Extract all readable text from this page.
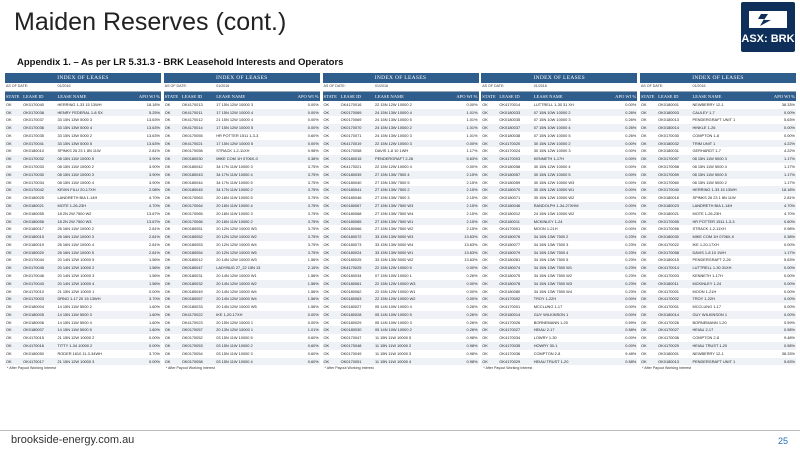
Maiden Reserves (cont.)
ASX: BRK
Appendix 1. – As per LR 5.31.3 - BRK Leasehold Interests and Operators
INDEX OF LEASES			
AS OF DATE:		01/2016	
STATE	LEASE ID	LEASE NAME	APO WI %
OK	OK0170040	HERRING 1-33 15 13WH	18.18%
OK	OK0170038	HENRY FEDERAL 1-8 SX	5.25%
OK	OK0170037	33 15N 13W 5000 3	13.63%
OK	OK0170036	33 15N 13W 5000 4	13.63%
OK	OK0170035	33 15N 13W 5000 2	13.63%
OK	OK0170041	33 15N 13W 5000 5	13.63%
OK	OK0180010	SPINKS 26 23 1 8N 11W	2.81%
OK	OK0170032	08 15N 11W 10000 5	3.90%
OK	OK0170033	08 15N 11W 10000 2	3.90%
OK	OK0170030	08 15N 11W 10000 3	3.90%
OK	OK0170034	08 15N 11W 10000 4	3.90%
OK	OK0170042	KEVIN FILLI 20-17XH	2.08%
OK	OK0180025	LANDRETH BIA 1-14H	4.70%
OK	OK0180021	MOTE 1-26-23H	4.70%
OK	OK0180055	18 2N 2W 7500 W2	13.67%
OK	OK0180056	18 2N 2W 7500 W3	13.67%
OK	OK0180017	26 16N 11W 10000 2	2.81%
OK	OK0180015	26 16N 11W 10000 3	2.81%
OK	OK0180019	26 16N 11W 10000 4	2.81%
OK	OK0180020	26 16N 11W 10000 5	2.81%
OK	OK0170044	20 14N 12W 10000 5	1.56%
OK	OK0170045	20 14N 12W 10000 2	1.56%
OK	OK0170046	20 14N 12W 10000 3	1.56%
OK	OK0170043	20 14N 12W 10000 4	1.56%
OK	OK4170010	21 15N 12W 10000 1	0.00%
OK	OK0170003	DRNO 1-17 20 15 13WH	3.70%
OK	OK0180004	14 15N 11W 5000 2	1.60%
OK	OK0180005	14 15N 11W 5000 3	1.60%
OK	OK0180006	14 15N 11W 5000 4	1.60%
OK	OK0180007	14 15N 11W 5000 5	1.60%
OK	OK4170015	21 15N 12W 10000 2	0.00%
OK	OK4170016	TITTY 1-34 10000 2	0.00%
OK	OK0180050	RODER 1610 11-3-34WH	3.70%
OK	OK4170017	21 15N 12W 10000 3	0.00%
* After Payout Working Interest
INDEX OF LEASES			
AS OF DATE:		01/2016	
STATE	LEASE ID	LEASE NAME	APO WI %
OK	OK4170013	17 15N 12W 10000 3	0.00%
OK	OK4170011	17 15N 12W 10000 4	0.00%
OK	OK4170012	21 15N 12W 10000 4	0.00%
OK	OK4170014	17 15N 12W 10000 5	0.00%
OK	OK0170055	HR POTTER 1511 1-3-3	0.60%
OK	OK4170021	17 15N 12W 10000 5	0.00%
OK	OK0170056	STRACK 1-2-11XH	0.98%
OK	OK0180030	MIKE COM 1H 0706X-0	0.38%
OK	OK0180042	34 17N 11W 10000 3	3.75%
OK	OK0180043	34 17N 11W 10000 4	3.75%
OK	OK0180044	34 17N 11W 10000 5	3.75%
OK	OK0180045	34 17N 11W 10000 2	3.75%
OK	OK0170063	20 16N 11W 10000 5	3.75%
OK	OK0170064	20 16N 11W 10000 4	3.75%
OK	OK0170065	20 16N 11W 10000 3	3.75%
OK	OK0170066	20 16N 11W 10000 2	3.75%
OK	OK0180051	20 12N 12W 10000 W3	3.75%
OK	OK0180052	20 12N 12W 10000 W2	3.75%
OK	OK0180053	20 12N 12W 10000 W4	3.75%
OK	OK0180054	20 12N 12W 10000 W5	3.75%
OK	OK0180012	20 14N 12W 10000 W3	1.56%
OK	OK0180047	LADYBUG 27_22 15N 13	2.15%
OK	OK0180031	20 14N 12W 10000 W1	1.56%
OK	OK0180032	20 14N 12W 10000 W2	1.56%
OK	OK0180049	20 14N 12W 10000 W4	1.56%
OK	OK0180057	20 14N 12W 10000 W4	1.56%
OK	OK0180033	20 14N 12W 10000 W5	1.56%
OK	OK4170022	IKE 1-20-17XH	0.00%
OK	OK4170023	20 15N 12W 10000 1	0.00%
OK	OK0170057	20 13N 12W 10000 1	1.01%
OK	OK0170052	03 15N 11W 10000 5	0.60%
OK	OK0170053	03 15N 11W 10000 2	0.60%
OK	OK0170054	03 15N 11W 10000 3	0.60%
OK	OK0170058	03 15N 11W 10000 4	0.60%
* After Payout Working Interest
INDEX OF LEASES			
AS OF DATE:		01/2016	
STATE	LEASE ID	LEASE NAME	APO WI %
OK	OK4170016	22 15N 12W 10000 2	0.00%
OK	OK0170069	24 15N 13W 10000 4	1.01%
OK	OK0170069	24 15N 13W 10000 5	1.01%
OK	OK0170070	24 15N 13W 10000 2	1.01%
OK	OK0170071	24 15N 13W 10000 3	1.01%
OK	OK4170019	22 15N 12W 10000 3	0.00%
OK	OK0170058	DAVIS 1-8 10 1WH	1.17%
OK	OK0180015	PENDERGRAFT 2-26	5.63%
OK	OK4170021	22 15N 12W 10000 4	0.00%
OK	OK0180039	27 15N 13W 7500 4	2.15%
OK	OK0180040	27 15N 13W 7500 5	2.15%
OK	OK0180041	27 15N 13W 7500 2	2.15%
OK	OK0180046	27 15N 13W 7500 3	2.15%
OK	OK0180067	27 15N 13W 7500 W3	2.15%
OK	OK0180068	27 15N 13W 7500 W4	2.15%
OK	OK0180065	27 15N 13W 7500 W1	2.15%
OK	OK0180066	27 15N 13W 7500 W2	2.15%
OK	OK0180072	33 15N 13W 5000 W3	13.63%
OK	OK0180073	33 15N 13W 5000 W4	13.63%
OK	OK0180024	33 15N 13W 5000 W1	13.63%
OK	OK0180025	33 15N 13W 5000 W2	13.63%
OK	OK4170025	22 15N 12W 10000 5	0.00%
OK	OK0180034	07 15N 10W 10000 1	0.26%
OK	OK0180061	22 15N 12W 10000 W3	0.00%
OK	OK0180062	22 15N 12W 10000 W1	0.00%
OK	OK0180063	22 15N 12W 10000 W2	0.00%
OK	OK0180027	05 14N 10W 10000 4	0.26%
OK	OK0180028	05 14N 10W 10000 5	0.26%
OK	OK0180029	05 14N 10W 10000 3	0.26%
OK	OK0180030	05 14N 10W 10000 2	0.26%
OK	OK0170047	11 15N 11W 10000 5	0.98%
OK	OK0170048	11 15N 11W 10000 2	0.98%
OK	OK0170049	11 15N 11W 10000 3	0.98%
OK	OK0170051	11 15N 11W 10000 4	0.98%
* After Payout Working Interest
INDEX OF LEASES			
AS OF DATE:		01/2016	
STATE	LEASE ID	LEASE NAME	APO WI %
OK	OK4170014	LUTTRELL 1-30 31 XH	0.00%
OK	OK0180033	07 15N 10W 10000 2	0.26%
OK	OK0180035	07 15N 10W 10000 3	0.26%
OK	OK0180037	07 15N 10W 10000 4	0.26%
OK	OK0180038	07 15N 10W 10000 5	0.26%
OK	OK4170020	30 15N 12W 10000 2	0.00%
OK	OK4170024	30 15N 12W 10000 3	0.00%
OK	OK4170003	KENNETH 1-17H	0.00%
OK	OK0180058	30 15N 12W 10000 4	0.00%
OK	OK0180057	30 15N 12W 10000 5	0.00%
OK	OK0180059	30 15N 12W 10000 W3	0.00%
OK	OK0180070	30 15N 12W 10000 W1	0.00%
OK	OK0180071	30 15N 12W 10000 W2	0.00%
OK	OK0180046	RANDOLPH 1-34-27XHM	0.00%
OK	OK0180012	24 15N 13W 10000 W2	0.00%
OK	OK0180011	MCKINLEY 1-24	0.00%
OK	OK4170001	MOON 1-21H	0.00%
OK	OK0180076	34 15N 13W 7500 2	0.23%
OK	OK0180077	34 15N 13W 7500 3	0.23%
OK	OK0180079	34 15N 13W 7500 4	0.23%
OK	OK0180081	34 15N 13W 7500 5	0.23%
OK	OK0180074	34 15N 13W 7500 W1	0.23%
OK	OK0180075	34 15N 13W 7500 W2	0.23%
OK	OK0180078	34 15N 13W 7500 W3	0.23%
OK	OK0180080	34 15N 13W 7500 W4	0.23%
OK	OK4170002	TROY 1-22H	0.00%
OK	OK4170001	MCCLUNG 1-17	0.00%
OK	OK0180014	GUY WILKINSON 1	0.00%
OK	OK4170026	BORNEMANN 1-20	0.59%
OK	OK4170027	HEIAU 2-17	0.58%
OK	OK4170034	LOWRY 1-30	0.00%
OK	OK4170035	HOWRY 30-1	0.00%
OK	OK4170036	COMPTON 2-8	9.48%
OK	OK4170029	HEIAU TRUST 1-20	0.58%
* After Payout Working Interest
INDEX OF LEASES			
AS OF DATE:		01/2016	
STATE	LEASE ID	LEASE NAME	APO WI %
OK	OK0180001	NEWBERRY 12-1	38.33%
OK	OK0180003	CAULEY 1-7	0.00%
OK	OK0180013	PENDERGRAFT UNIT 1	5.63%
OK	OK0180014	HINKLE 1-26	0.00%
OK	OK0170030	COMPTON 1-8	0.00%
OK	OK0180032	TRIM UNIT 1	4.22%
OK	OK0180031	GERHARDT 1-7	4.22%
OK	OK0170057	08 15N 11W 5000 3	1.17%
OK	OK0170058	08 15N 11W 5000 4	1.17%
OK	OK0170059	08 15N 11W 5000 5	1.17%
OK	OK0170060	08 15N 11W 5000 2	1.17%
OK	OK0170040	HERRING 1-33 15 13WH	18.18%
OK	OK0180016	SPINKS 26 23 1 8N 11W	2.81%
OK	OK0180023	LANDRETH BIA 1-14H	4.70%
OK	OK0180021	MOTE 1-26-23H	4.70%
OK	OK0170055	HR POTTER 1511 1-3-3	0.60%
OK	OK0170056	STRACK 1-2-11XH	0.98%
OK	OK0180030	MIKE COM 1H 0706X-0	0.38%
OK	OK4170022	IKE 1-20-17XH	0.00%
OK	OK0170058	DAVIS 1-8 10 1WH	1.17%
OK	OK0180015	PENDERGRAFT 2-26	5.63%
OK	OK4170014	LUTTRELL 1-30 31XH	0.00%
OK	OK4170003	KENNETH 1-17H	0.00%
OK	OK0180011	MCKINLEY 1-24	0.00%
OK	OK4170001	MOON 1-21H	0.00%
OK	OK4170002	TROY 1-22H	0.00%
OK	OK4170001	MCCLUNG 1-17	0.00%
OK	OK0180014	GUY WILKINSON 1	0.00%
OK	OK4170026	BORNEMANN 1-20	0.59%
OK	OK4170027	HEIAU 2-17	0.58%
OK	OK4170036	COMPTON 2-8	9.48%
OK	OK4170029	HEIAU TRUST 1-20	0.58%
OK	OK0180001	NEWBERRY 12-1	38.33%
OK	OK0180013	PENDERGRAFT UNIT 1	5.63%
* After Payout Working Interest
brookside-energy.com.au	25
